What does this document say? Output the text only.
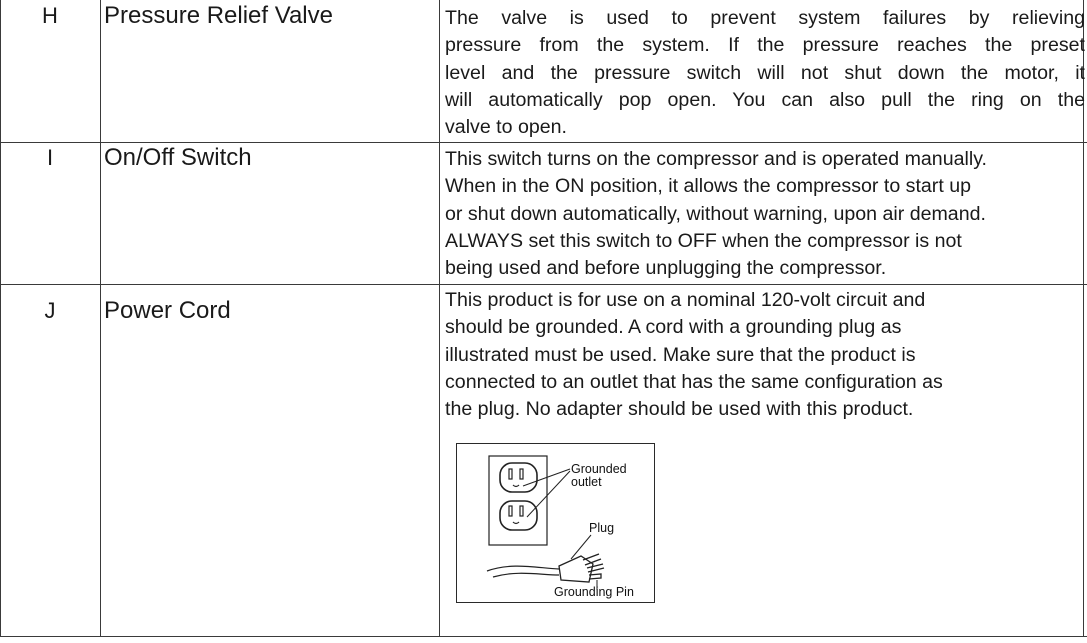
H	Pressure Relief Valve	The valve is used to prevent system failures by relieving
pressure from the system. If the pressure reaches the preset
level and the pressure switch will not shut down the motor, it
will automatically pop open. You can also pull the ring on the
valve to open.
I	On/Off Switch	This switch turns on the compressor and is operated manually.
When in the ON position, it allows the compressor to start up
or shut down automatically, without warning, upon air demand.
ALWAYS set this switch to OFF when the compressor is not
being used and before unplugging the compressor.
J	Power Cord	This product is for use on a nominal 120-volt circuit and
should be grounded. A cord with a grounding plug as
illustrated must be used. Make sure that the product is
connected to an outlet that has the same configuration as
the plug. No adapter should be used with this product.
Grounded
outlet
Plug
Grounding Pin
